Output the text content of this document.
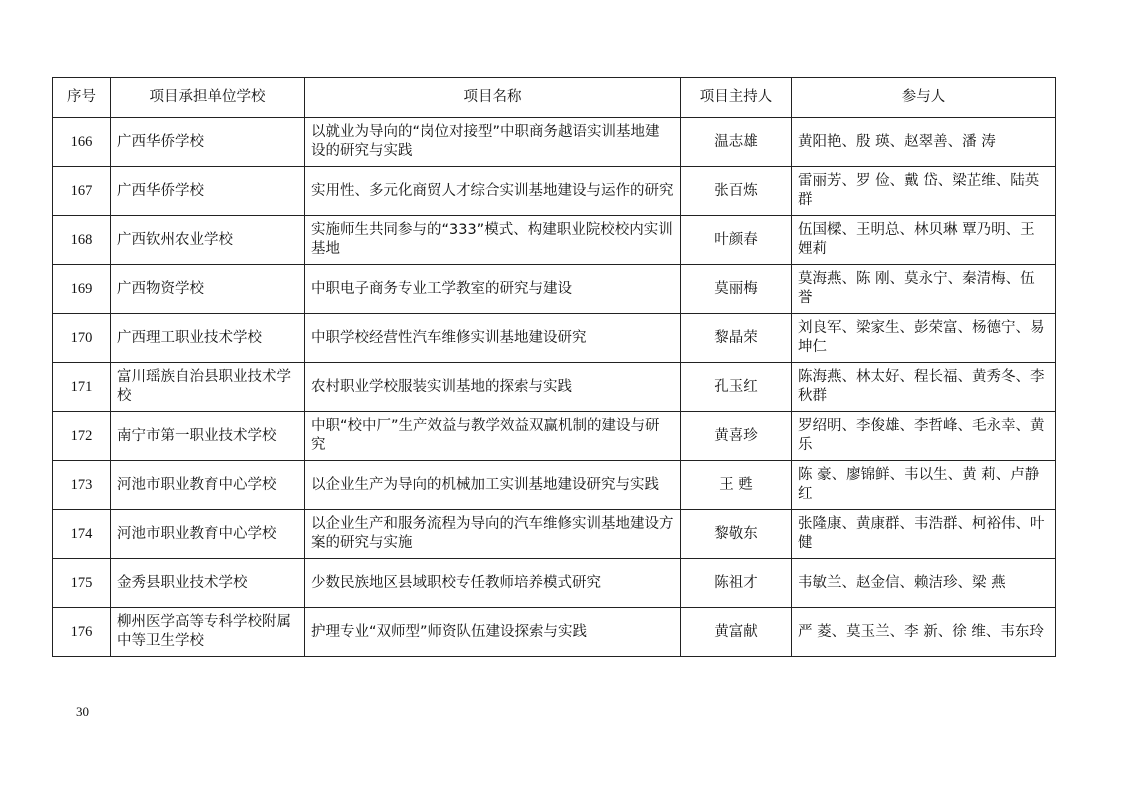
序号	项目承担单位学校	项目名称	项目主持人	参与人
166	广西华侨学校	以就业为导向的“岗位对接型”中职商务越语实训基地建设的研究与实践	温志雄	黄阳艳、殷 瑛、赵翠善、潘 涛
167	广西华侨学校	实用性、多元化商贸人才综合实训基地建设与运作的研究	张百炼	雷丽芳、罗 俭、戴 岱、梁芷维、陆英群
168	广西钦州农业学校	实施师生共同参与的“333”模式、构建职业院校校内实训基地	叶颜春	伍国樑、王明总、林贝琳 覃乃明、王娌莉
169	广西物资学校	中职电子商务专业工学教室的研究与建设	莫丽梅	莫海燕、陈 刚、莫永宁、秦清梅、伍 誉
170	广西理工职业技术学校	中职学校经营性汽车维修实训基地建设研究	黎晶荣	刘良军、梁家生、彭荣富、杨德宁、易坤仁
171	富川瑶族自治县职业技术学校	农村职业学校服装实训基地的探索与实践	孔玉红	陈海燕、林太好、程长福、黄秀冬、李秋群
172	南宁市第一职业技术学校	中职“校中厂”生产效益与教学效益双赢机制的建设与研究	黄喜珍	罗绍明、李俊雄、李哲峰、毛永幸、黄 乐
173	河池市职业教育中心学校	以企业生产为导向的机械加工实训基地建设研究与实践	王 甦	陈 豪、廖锦鲜、韦以生、黄 莉、卢静红
174	河池市职业教育中心学校	以企业生产和服务流程为导向的汽车维修实训基地建设方案的研究与实施	黎敬东	张隆康、黄康群、韦浩群、柯裕伟、叶 健
175	金秀县职业技术学校	少数民族地区县域职校专任教师培养模式研究	陈祖才	韦敏兰、赵金信、赖洁珍、梁 燕
176	柳州医学高等专科学校附属中等卫生学校	护理专业“双师型”师资队伍建设探索与实践	黄富献	严 菱、莫玉兰、李 新、徐 维、韦东玲
30
